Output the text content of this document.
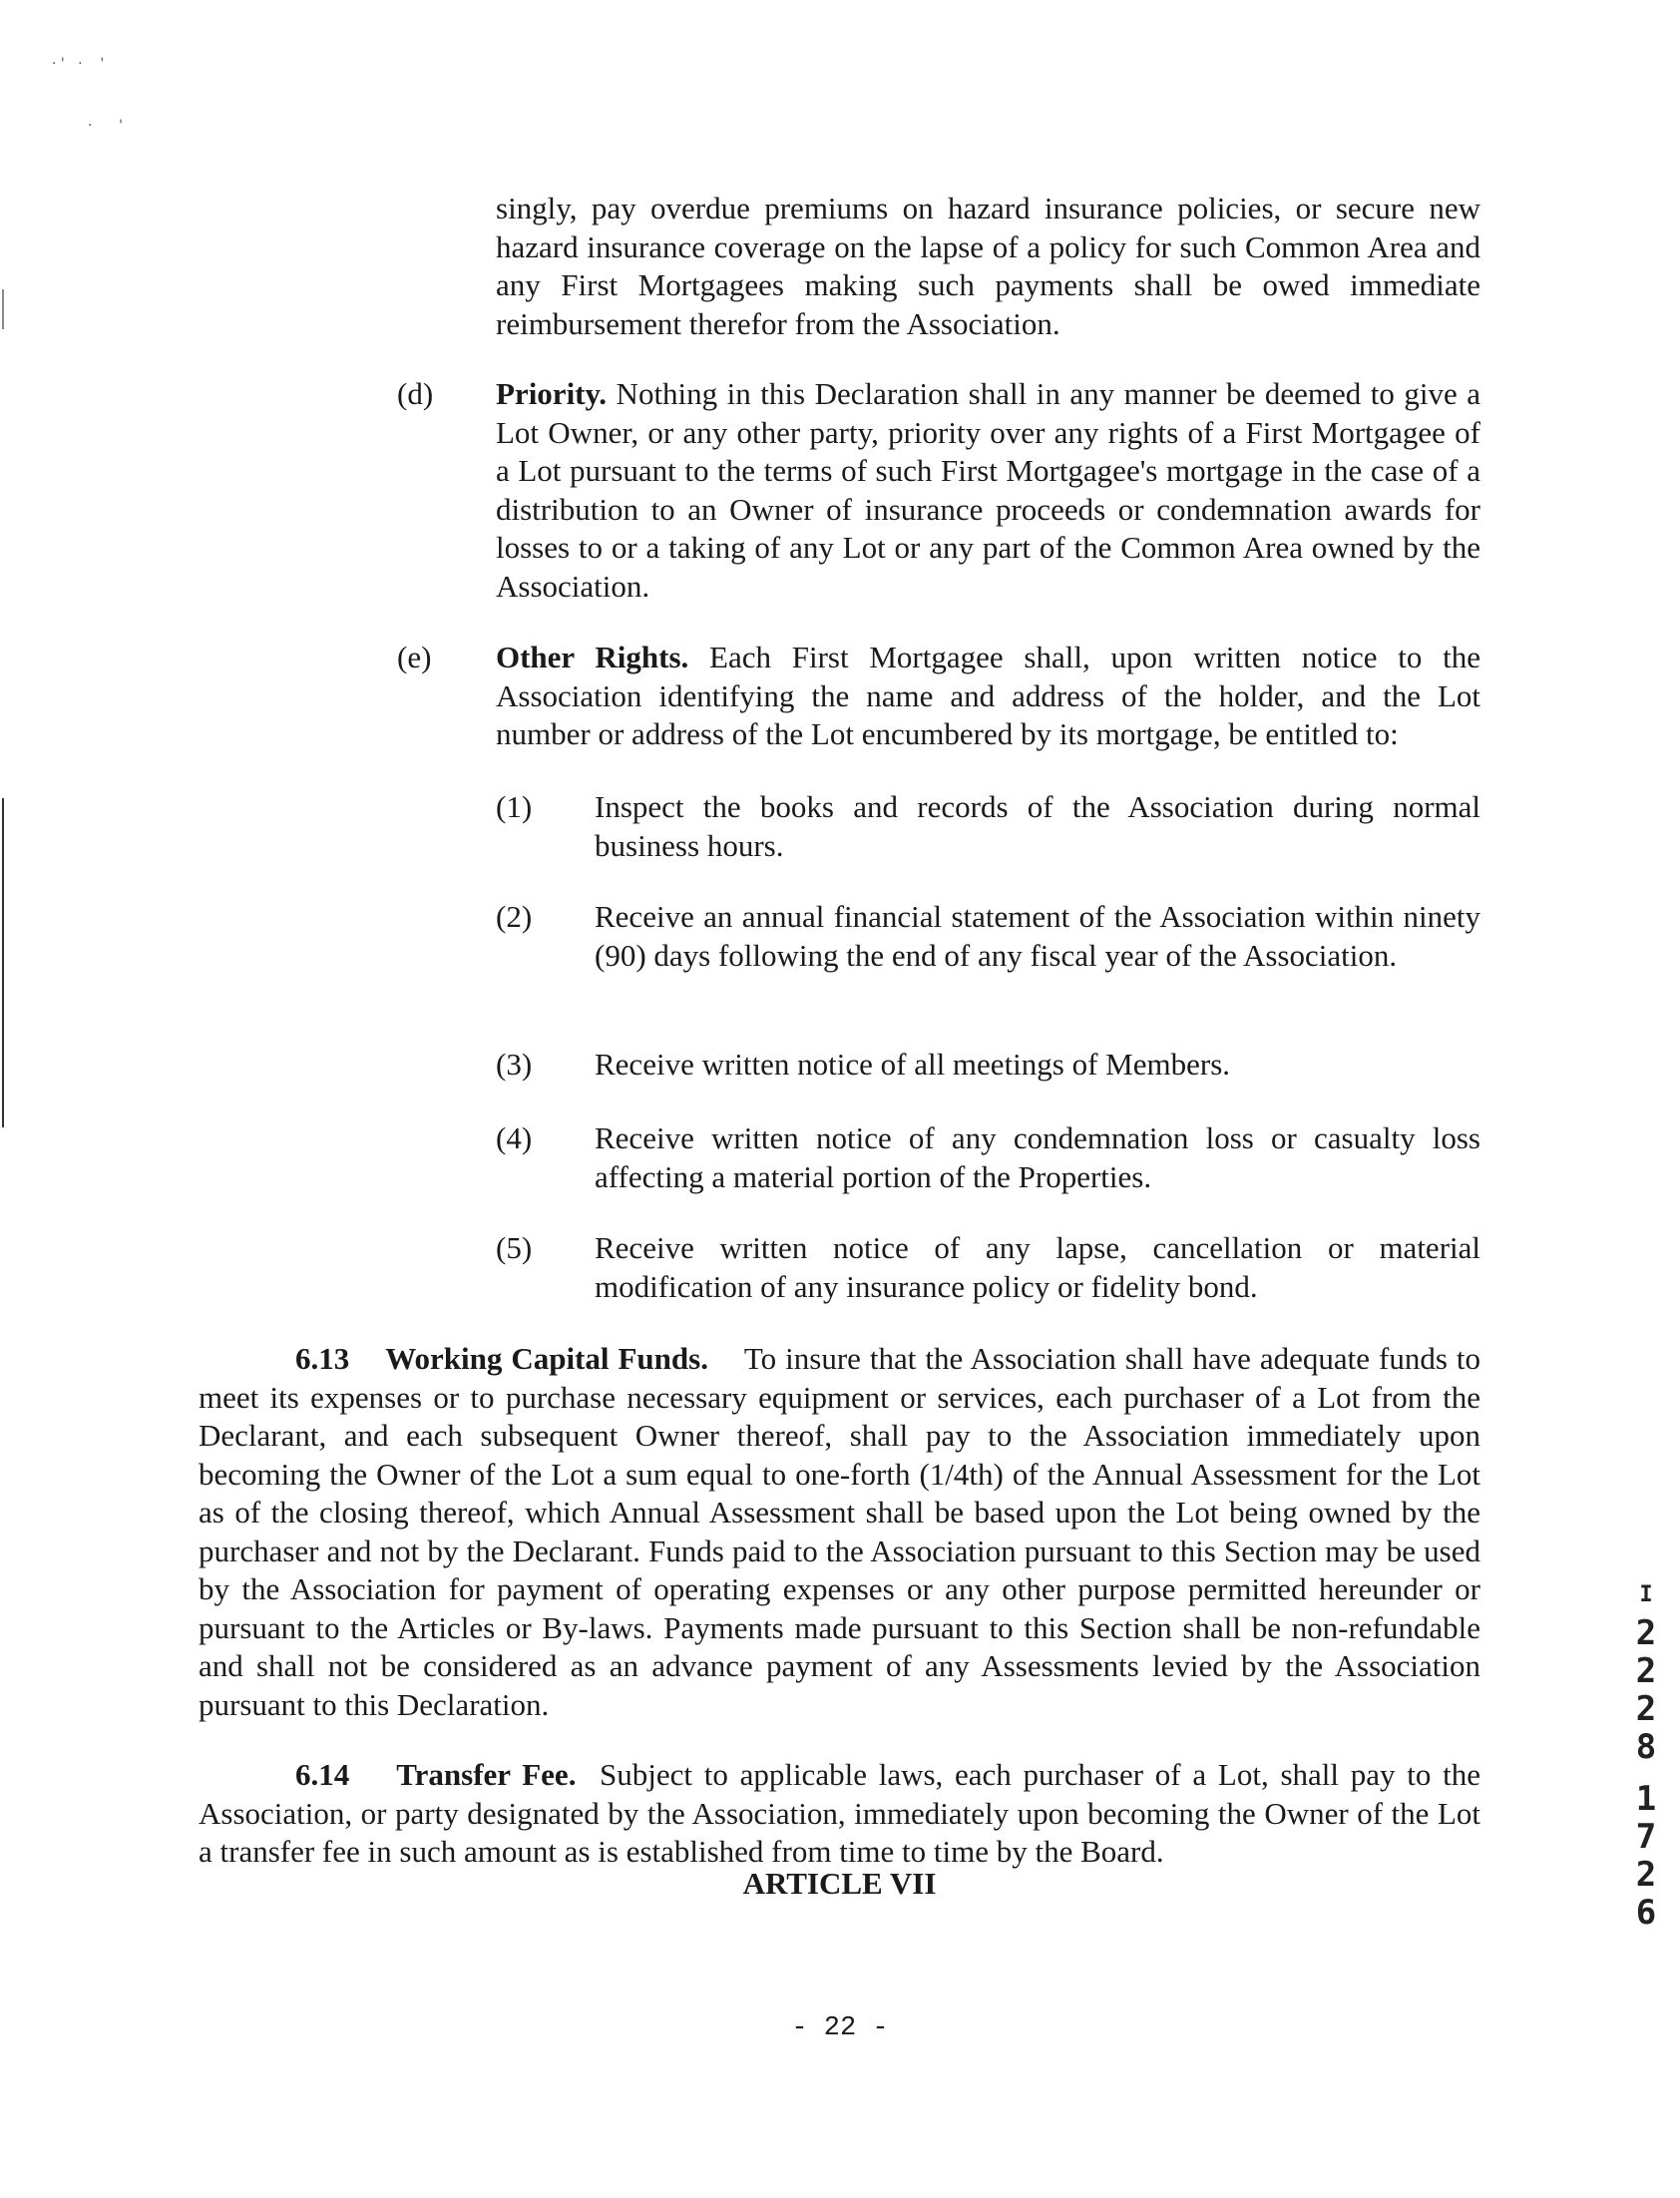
· '   ·    '
·      '
singly, pay overdue premiums on hazard insurance policies, or secure new hazard insurance coverage on the lapse of a policy for such Common Area and any First Mortgagees making such payments shall be owed immediate reimbursement therefor from the Association.
(d) Priority. Nothing in this Declaration shall in any manner be deemed to give a Lot Owner, or any other party, priority over any rights of a First Mortgagee of a Lot pursuant to the terms of such First Mortgagee's mortgage in the case of a distribution to an Owner of insurance proceeds or condemnation awards for losses to or a taking of any Lot or any part of the Common Area owned by the Association.
(e) Other Rights. Each First Mortgagee shall, upon written notice to the Association identifying the name and address of the holder, and the Lot number or address of the Lot encumbered by its mortgage, be entitled to:
(1) Inspect the books and records of the Association during normal business hours.
(2) Receive an annual financial statement of the Association within ninety (90) days following the end of any fiscal year of the Association.
(3) Receive written notice of all meetings of Members.
(4) Receive written notice of any condemnation loss or casualty loss affecting a material portion of the Properties.
(5) Receive written notice of any lapse, cancellation or material modification of any insurance policy or fidelity bond.
6.13 Working Capital Funds. To insure that the Association shall have adequate funds to meet its expenses or to purchase necessary equipment or services, each purchaser of a Lot from the Declarant, and each subsequent Owner thereof, shall pay to the Association immediately upon becoming the Owner of the Lot a sum equal to one-forth (1/4th) of the Annual Assessment for the Lot as of the closing thereof, which Annual Assessment shall be based upon the Lot being owned by the purchaser and not by the Declarant. Funds paid to the Association pursuant to this Section may be used by the Association for payment of operating expenses or any other purpose permitted hereunder or pursuant to the Articles or By-laws. Payments made pursuant to this Section shall be non-refundable and shall not be considered as an advance payment of any Assessments levied by the Association pursuant to this Declaration.
6.14 Transfer Fee. Subject to applicable laws, each purchaser of a Lot, shall pay to the Association, or party designated by the Association, immediately upon becoming the Owner of the Lot a transfer fee in such amount as is established from time to time by the Board.
ARTICLE VII
- 22 -
I
2
2
2
8
1
7
2
6
